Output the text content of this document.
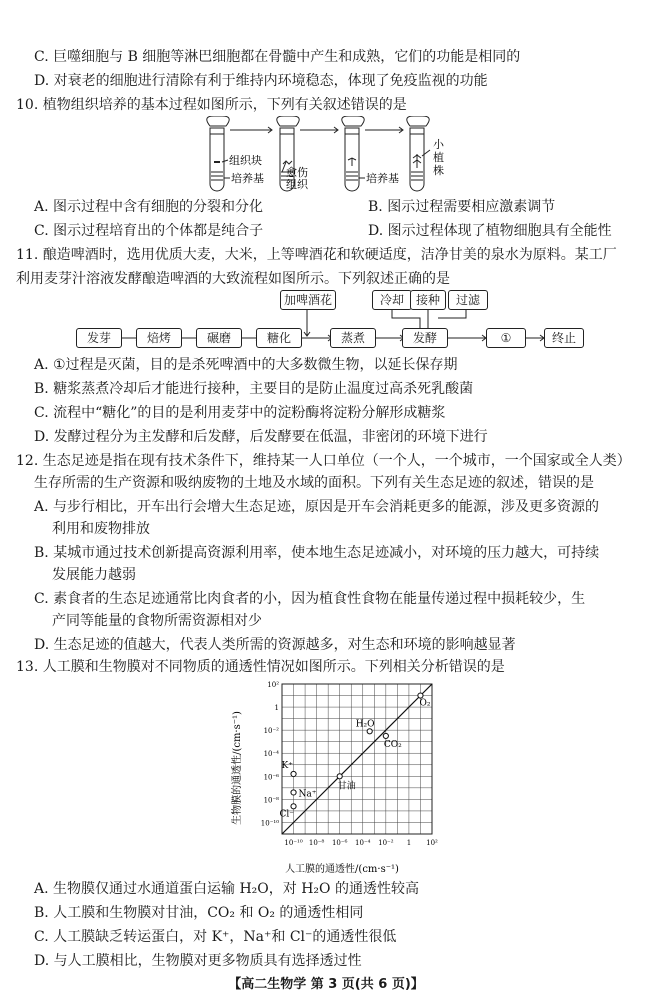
C. 巨噬细胞与 B 细胞等淋巴细胞都在骨髓中产生和成熟，它们的功能是相同的
D. 对衰老的细胞进行清除有利于维持内环境稳态，体现了免疫监视的功能
10. 植物组织培养的基本过程如图所示，下列有关叙述错误的是
组织块
培养基 愈伤
组织	培养基
小
植
株
A. 图示过程中含有细胞的分裂和分化	B. 图示过程需要相应激素调节
C. 图示过程培育出的个体都是纯合子	D. 图示过程体现了植物细胞具有全能性
11. 酿造啤酒时，选用优质大麦，大米，上等啤酒花和软硬适度，洁净甘美的泉水为原料。某工厂
利用麦芽汁溶液发酵酿造啤酒的大致流程如图所示。下列叙述正确的是
加啤酒花	冷却 接种	过滤
发芽	焙烤	碾磨	糖化	蒸煮	发酵	①	终止
A. ①过程是灭菌，目的是杀死啤酒中的大多数微生物，以延长保存期
B. 糖浆蒸煮冷却后才能进行接种，主要目的是防止温度过高杀死乳酸菌
C. 流程中“糖化”的目的是利用麦芽中的淀粉酶将淀粉分解形成糖浆
D. 发酵过程分为主发酵和后发酵，后发酵要在低温，非密闭的环境下进行
12. 生态足迹是指在现有技术条件下，维持某一人口单位（一个人，一个城市，一个国家或全人类）
生存所需的生产资源和吸纳废物的土地及水域的面积。下列有关生态足迹的叙述，错误的是
A. 与步行相比，开车出行会增大生态足迹，原因是开车会消耗更多的能源，涉及更多资源的
利用和废物排放
B. 某城市通过技术创新提高资源利用率，使本地生态足迹减小，对环境的压力越大，可持续
发展能力越弱
C. 素食者的生态足迹通常比肉食者的小，因为植食性食物在能量传递过程中损耗较少，生
产同等能量的食物所需资源相对少
D. 生态足迹的值越大，代表人类所需的资源越多，对生态和环境的影响越显著
13. 人工膜和生物膜对不同物质的通透性情况如图所示。下列相关分析错误的是
10⁻¹⁰ 10⁻⁸ 10⁻⁶ 10⁻⁴ 10⁻² 1 10²
10⁻¹⁰
10⁻⁸
10⁻⁶
10⁻⁴
10⁻²
1
10²
O₂
H₂O
CO₂
甘油
K⁺
Na⁺
Cl⁻
人工膜的通透性/(cm·s⁻¹)
生物膜的通透性/(cm·s⁻¹)
A. 生物膜仅通过水通道蛋白运输 H₂O，对 H₂O 的通透性较高
B. 人工膜和生物膜对甘油，CO₂ 和 O₂ 的通透性相同
C. 人工膜缺乏转运蛋白，对 K⁺，Na⁺和 Cl⁻的通透性很低
D. 与人工膜相比，生物膜对更多物质具有选择透过性
【高二生物学 第 3 页(共 6 页)】
